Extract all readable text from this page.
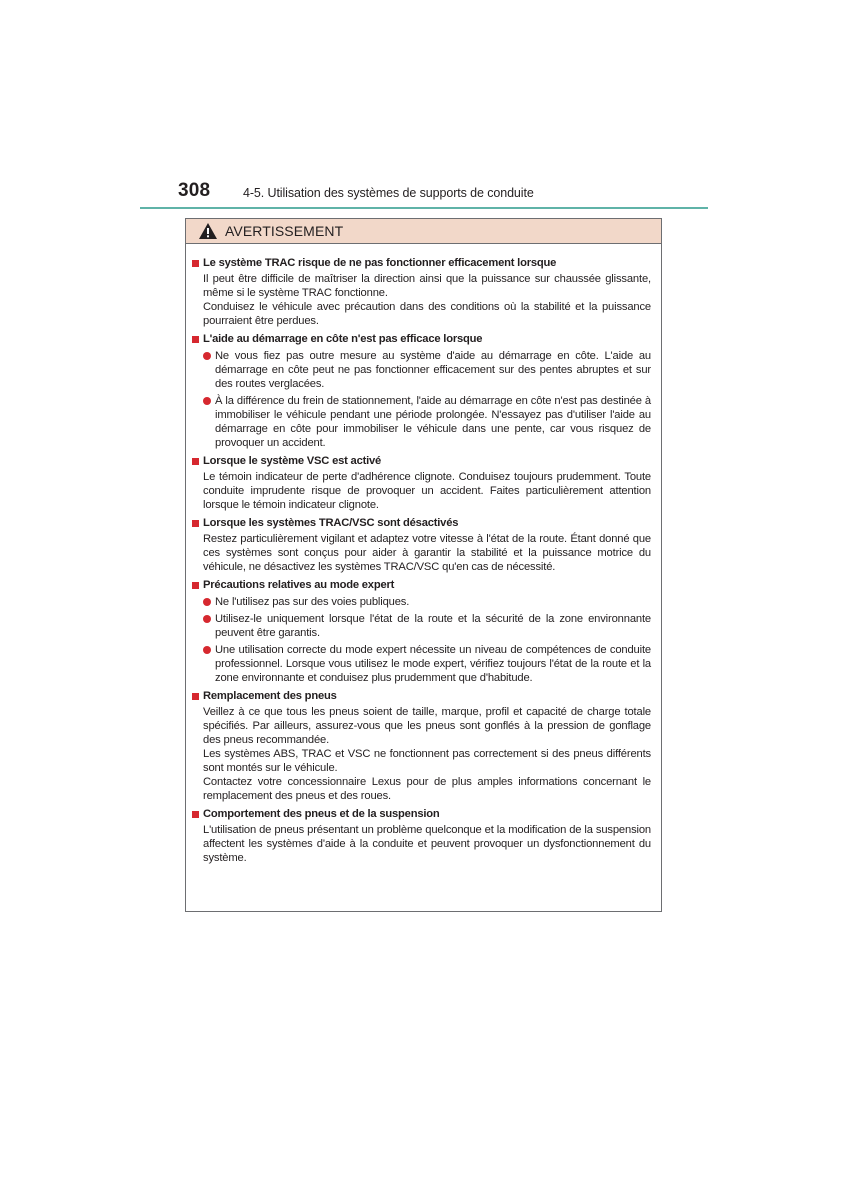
308	4-5. Utilisation des systèmes de supports de conduite
AVERTISSEMENT
Le système TRAC risque de ne pas fonctionner efficacement lorsque
Il peut être difficile de maîtriser la direction ainsi que la puissance sur chaussée glissante, même si le système TRAC fonctionne.
Conduisez le véhicule avec précaution dans des conditions où la stabilité et la puissance pourraient être perdues.
L'aide au démarrage en côte n'est pas efficace lorsque
Ne vous fiez pas outre mesure au système d'aide au démarrage en côte. L'aide au démarrage en côte peut ne pas fonctionner efficacement sur des pentes abruptes et sur des routes verglacées.
À la différence du frein de stationnement, l'aide au démarrage en côte n'est pas destinée à immobiliser le véhicule pendant une période prolongée. N'essayez pas d'utiliser l'aide au démarrage en côte pour immobiliser le véhicule dans une pente, car vous risquez de provoquer un accident.
Lorsque le système VSC est activé
Le témoin indicateur de perte d'adhérence clignote. Conduisez toujours prudemment. Toute conduite imprudente risque de provoquer un accident. Faites particulièrement attention lorsque le témoin indicateur clignote.
Lorsque les systèmes TRAC/VSC sont désactivés
Restez particulièrement vigilant et adaptez votre vitesse à l'état de la route. Étant donné que ces systèmes sont conçus pour aider à garantir la stabilité et la puissance motrice du véhicule, ne désactivez les systèmes TRAC/VSC qu'en cas de nécessité.
Précautions relatives au mode expert
Ne l'utilisez pas sur des voies publiques.
Utilisez-le uniquement lorsque l'état de la route et la sécurité de la zone environnante peuvent être garantis.
Une utilisation correcte du mode expert nécessite un niveau de compétences de conduite professionnel. Lorsque vous utilisez le mode expert, vérifiez toujours l'état de la route et la zone environnante et conduisez plus prudemment que d'habitude.
Remplacement des pneus
Veillez à ce que tous les pneus soient de taille, marque, profil et capacité de charge totale spécifiés. Par ailleurs, assurez-vous que les pneus sont gonflés à la pression de gonflage des pneus recommandée.
Les systèmes ABS, TRAC et VSC ne fonctionnent pas correctement si des pneus différents sont montés sur le véhicule.
Contactez votre concessionnaire Lexus pour de plus amples informations concernant le remplacement des pneus et des roues.
Comportement des pneus et de la suspension
L'utilisation de pneus présentant un problème quelconque et la modification de la suspension affectent les systèmes d'aide à la conduite et peuvent provoquer un dysfonctionnement du système.
